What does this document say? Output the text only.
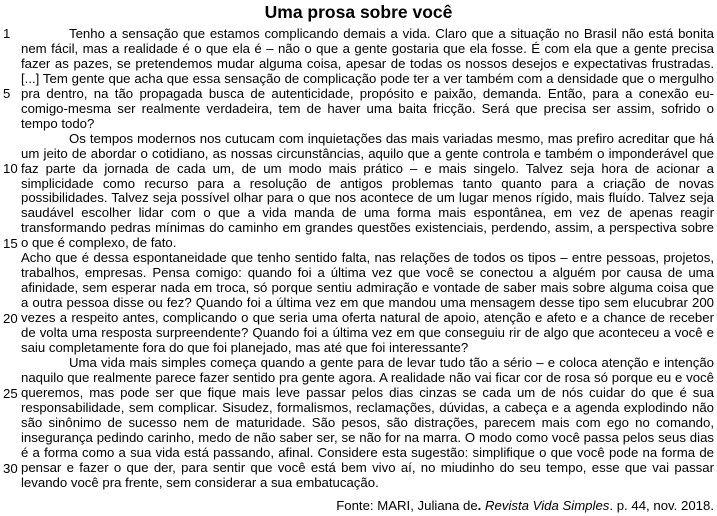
Uma prosa sobre você
1
5
10
15
20
25
30

Tenho a sensação que estamos complicando demais a vida. Claro que a situação no Brasil não está bonita nem fácil, mas a realidade é o que ela é – não o que a gente gostaria que ela fosse. É com ela que a gente precisa fazer as pazes, se pretendemos mudar alguma coisa, apesar de todas os nossos desejos e expectativas frustradas. [...] Tem gente que acha que essa sensação de complicação pode ter a ver também com a densidade que o mergulho pra dentro, na tão propagada busca de autenticidade, propósito e paixão, demanda. Então, para a conexão eu-comigo-mesma ser realmente verdadeira, tem de haver uma baita fricção. Será que precisa ser assim, sofrido o tempo todo?

Os tempos modernos nos cutucam com inquietações das mais variadas mesmo, mas prefiro acreditar que há um jeito de abordar o cotidiano, as nossas circunstâncias, aquilo que a gente controla e também o imponderável que faz parte da jornada de cada um, de um modo mais prático – e mais singelo. Talvez seja hora de acionar a simplicidade como recurso para a resolução de antigos problemas tanto quanto para a criação de novas possibilidades. Talvez seja possível olhar para o que nos acontece de um lugar menos rígido, mais fluído. Talvez seja saudável escolher lidar com o que a vida manda de uma forma mais espontânea, em vez de apenas reagir transformando pedras mínimas do caminho em grandes questões existenciais, perdendo, assim, a perspectiva sobre o que é complexo, de fato.

Acho que é dessa espontaneidade que tenho sentido falta, nas relações de todos os tipos – entre pessoas, projetos, trabalhos, empresas. Pensa comigo: quando foi a última vez que você se conectou a alguém por causa de uma afinidade, sem esperar nada em troca, só porque sentiu admiração e vontade de saber mais sobre alguma coisa que a outra pessoa disse ou fez? Quando foi a última vez em que mandou uma mensagem desse tipo sem elucubrar 200 vezes a respeito antes, complicando o que seria uma oferta natural de apoio, atenção e afeto e a chance de receber de volta uma resposta surpreendente? Quando foi a última vez em que conseguiu rir de algo que aconteceu a você e saiu completamente fora do que foi planejado, mas até que foi interessante?

Uma vida mais simples começa quando a gente para de levar tudo tão a sério – e coloca atenção e intenção naquilo que realmente parece fazer sentido pra gente agora. A realidade não vai ficar cor de rosa só porque eu e você queremos, mas pode ser que fique mais leve passar pelos dias cinzas se cada um de nós cuidar do que é sua responsabilidade, sem complicar. Sisudez, formalismos, reclamações, dúvidas, a cabeça e a agenda explodindo não são sinônimo de sucesso nem de maturidade. São pesos, são distrações, parecem mais com ego no comando, insegurança pedindo carinho, medo de não saber ser, se não for na marra. O modo como você passa pelos seus dias é a forma como a sua vida está passando, afinal. Considere esta sugestão: simplifique o que você pode na forma de pensar e fazer o que der, para sentir que você está bem vivo aí, no miudinho do seu tempo, esse que vai passar levando você pra frente, sem considerar a sua embatucação.

Fonte: MARI, Juliana de. Revista Vida Simples. p. 44, nov. 2018.
